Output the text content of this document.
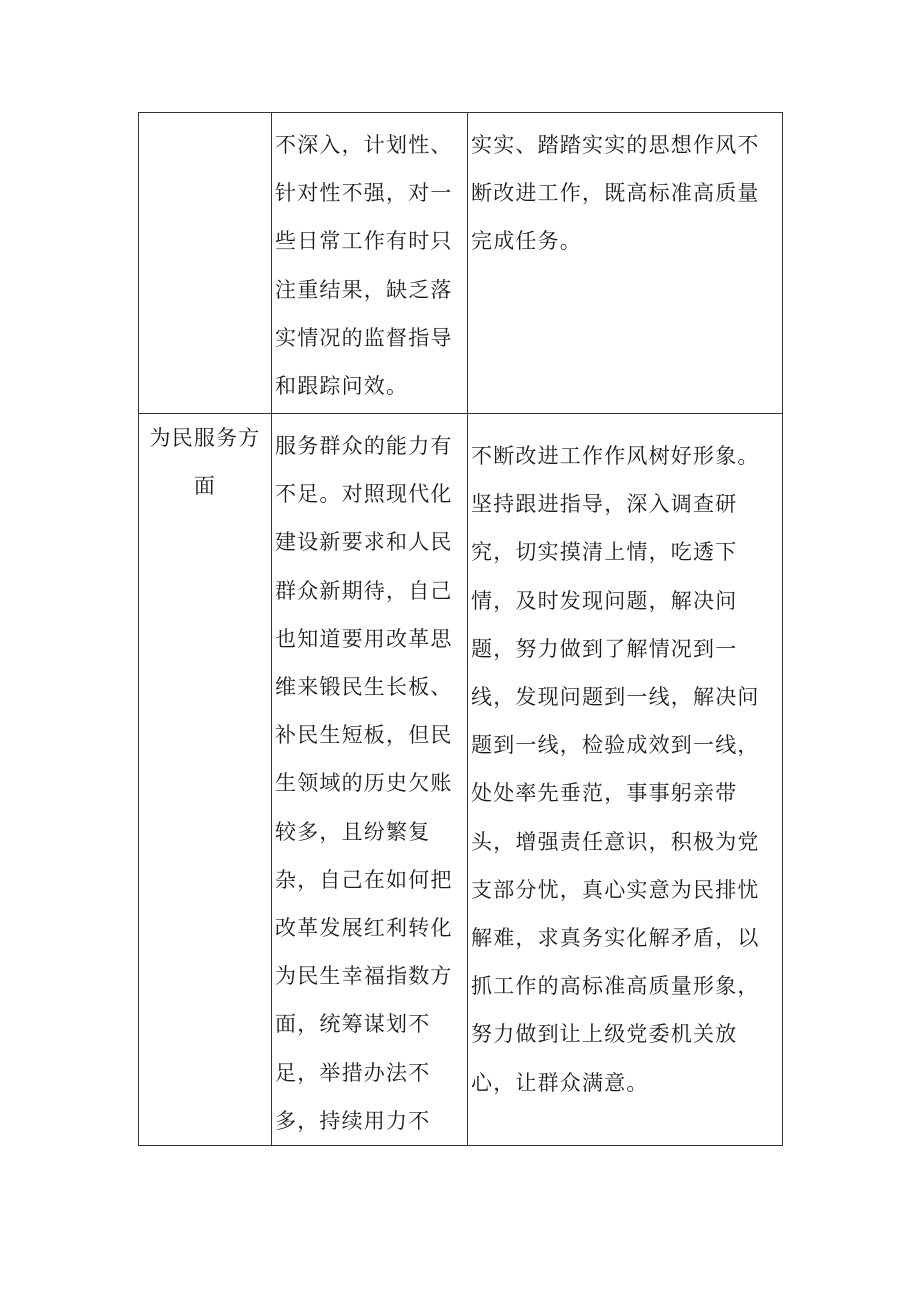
	不深入，计划性、针对性不强，对一些日常工作有时只注重结果，缺乏落实情况的监督指导和跟踪问效。	实实、踏踏实实的思想作风不断改进工作，既高标准高质量完成任务。

为民服务方面	服务群众的能力有不足。对照现代化建设新要求和人民群众新期待，自己也知道要用改革思维来锻民生长板、补民生短板，但民生领域的历史欠账较多，且纷繁复杂，自己在如何把改革发展红利转化为民生幸福指数方面，统筹谋划不足，举措办法不多，持续用力不	不断改进工作作风树好形象。坚持跟进指导，深入调查研究，切实摸清上情，吃透下情，及时发现问题，解决问题，努力做到了解情况到一线，发现问题到一线，解决问题到一线，检验成效到一线，处处率先垂范，事事躬亲带头，增强责任意识，积极为党支部分忧，真心实意为民排忧解难，求真务实化解矛盾，以抓工作的高标准高质量形象，努力做到让上级党委机关放心，让群众满意。
